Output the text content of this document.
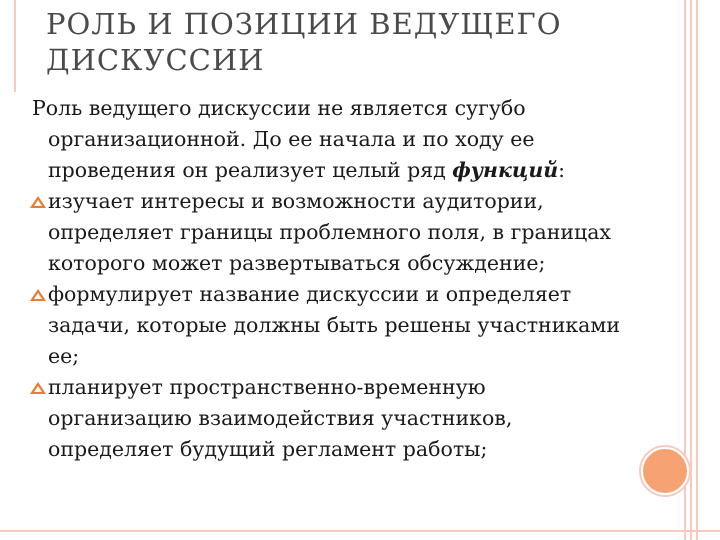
РОЛЬ И ПОЗИЦИИ ВЕДУЩЕГО
ДИСКУССИИ

Роль ведущего дискуссии не является сугубо организационной. До ее начала и по ходу ее проведения он реализует целый ряд функций:

изучает интересы и возможности аудитории, определяет границы проблемного поля, в границах которого может развертываться обсуждение;
формулирует название дискуссии и определяет задачи, которые должны быть решены участниками ее;
планирует пространственно-временную организацию взаимодействия участников, определяет будущий регламент работы;
